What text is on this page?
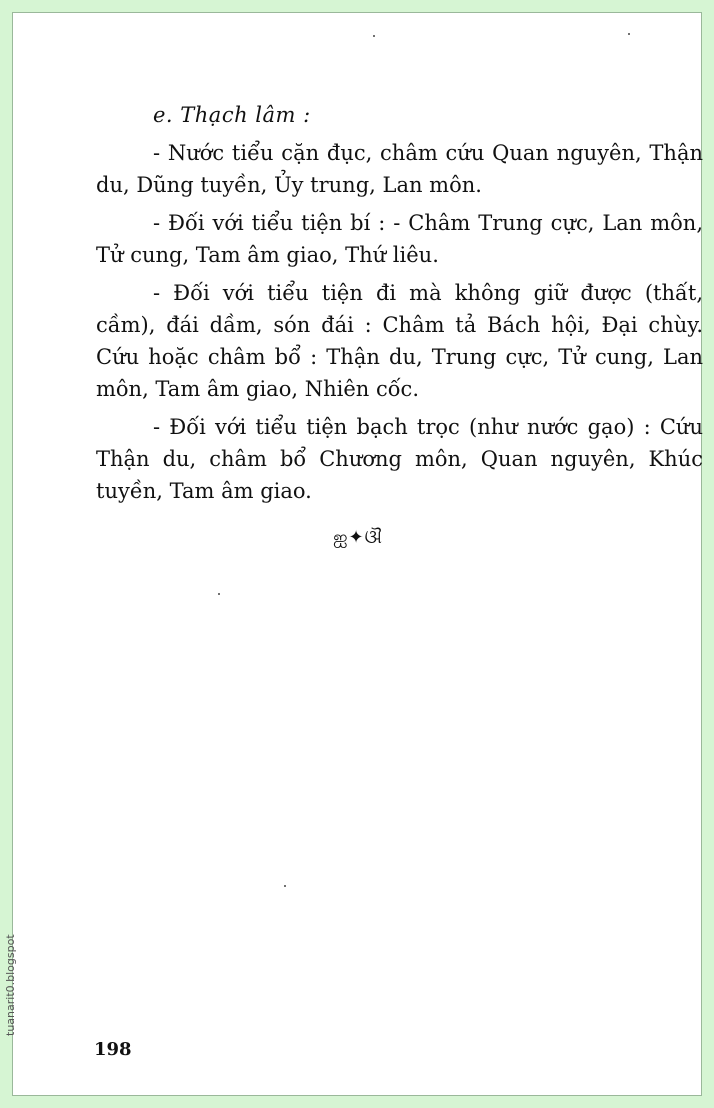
e. Thạch lâm :

- Nước tiểu cặn đục, châm cứu Quan nguyên, Thận du, Dũng tuyền, Ủy trung, Lan môn.

- Đối với tiểu tiện bí : - Châm Trung cực, Lan môn, Tử cung, Tam âm giao, Thứ liêu.

- Đối với tiểu tiện đi mà không giữ được (thất, cầm), đái dầm, són đái : Châm tả Bách hội, Đại chùy. Cứu hoặc châm bổ : Thận du, Trung cực, Tử cung, Lan môn, Tam âm giao, Nhiên cốc.

- Đối với tiểu tiện bạch trọc (như nước gạo) : Cứu Thận du, châm bổ Chương môn, Quan nguyên, Khúc tuyền, Tam âm giao.

ஐ✦ଔ
198
tuanarit0.blogspot
